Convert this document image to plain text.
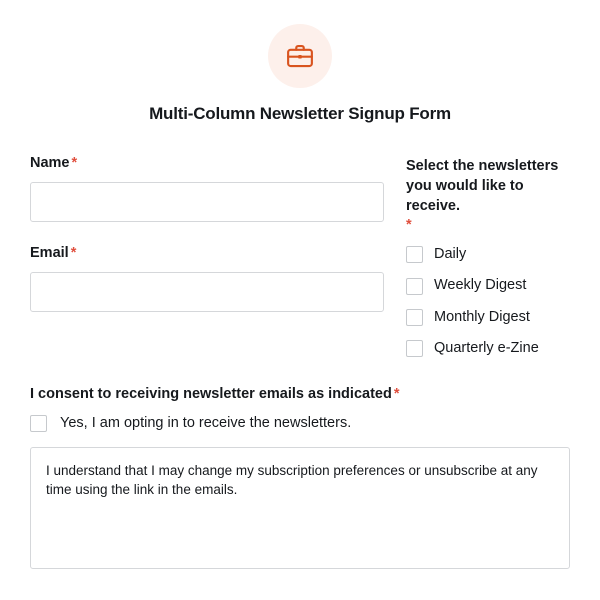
Multi-Column Newsletter Signup Form
Name *
Email *
Select the newsletters you would like to receive.
*
Daily
Weekly Digest
Monthly Digest
Quarterly e-Zine
I consent to receiving newsletter emails as indicated *
Yes, I am opting in to receive the newsletters.
I understand that I may change my subscription preferences or unsubscribe at any time using the link in the emails.
